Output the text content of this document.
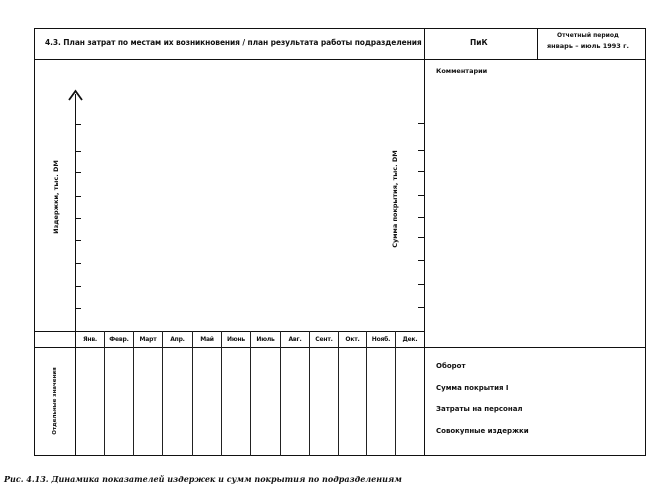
4.3. План затрат по местам их возникновения / план результата работы подразделения	ПиК
Отчетный период
январь – июль 1993 г.
Комментарии
Издержки, тыс. DM	Сумма покрытия, тыс. DM
Янв.	Февр.	Март	Апр.	Май	Июнь	Июль	Авг.	Сент.	Окт.	Нояб.	Дек.
Отдельные значения
Оборот
Сумма покрытия I
Затраты на персонал
Совокупные издержки
Рис. 4.13. Динамика показателей издержек и сумм покрытия по подразделениям
